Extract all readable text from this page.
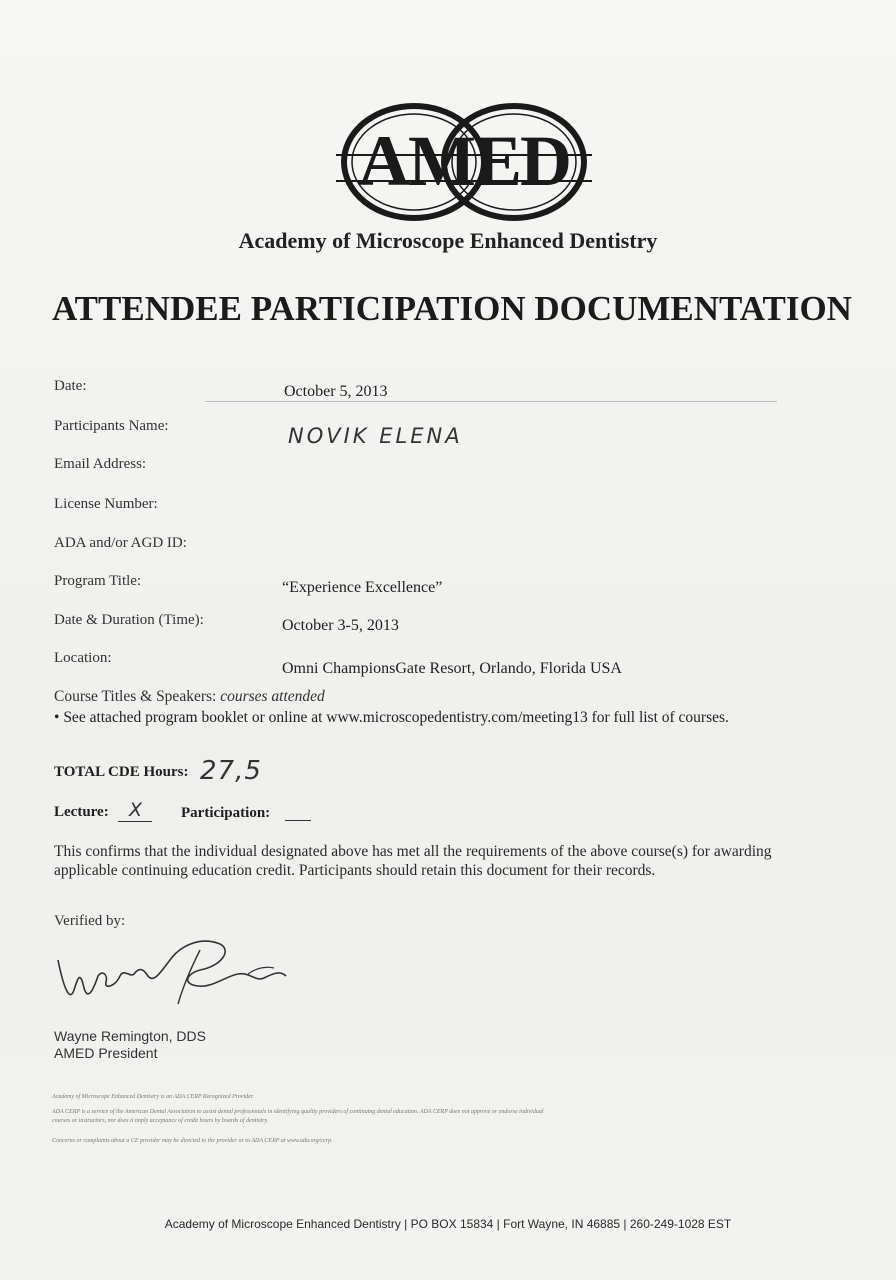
AMED
Academy of Microscope Enhanced Dentistry
ATTENDEE PARTICIPATION DOCUMENTATION
Date:	October 5, 2013
Participants Name:	NOVIK ELENA
Email Address:
License Number:
ADA and/or AGD ID:
Program Title:	“Experience Excellence”
Date & Duration (Time):	October 3-5, 2013
Location:
Omni ChampionsGate Resort, Orlando, Florida USA
Course Titles & Speakers: courses attended
• See attached program booklet or online at www.microscopedentistry.com/meeting13 for full list of courses.
TOTAL CDE Hours: 27,5
Lecture: X Participation:
This confirms that the individual designated above has met all the requirements of the above course(s) for awarding applicable continuing education credit. Participants should retain this document for their records.
Verified by:
Wayne Remington, DDS
AMED President
Academy of Microscope Enhanced Dentistry is an ADA CERP Recognized Provider.
ADA CERP is a service of the American Dental Association to assist dental professionals in identifying quality providers of continuing dental education. ADA CERP does not approve or endorse individual
courses or instructors, nor does it imply acceptance of credit hours by boards of dentistry.
Concerns or complaints about a CE provider may be directed to the provider or to ADA CERP at www.ada.org/cerp.
Academy of Microscope Enhanced Dentistry | PO BOX 15834 | Fort Wayne, IN 46885 | 260-249-1028 EST
